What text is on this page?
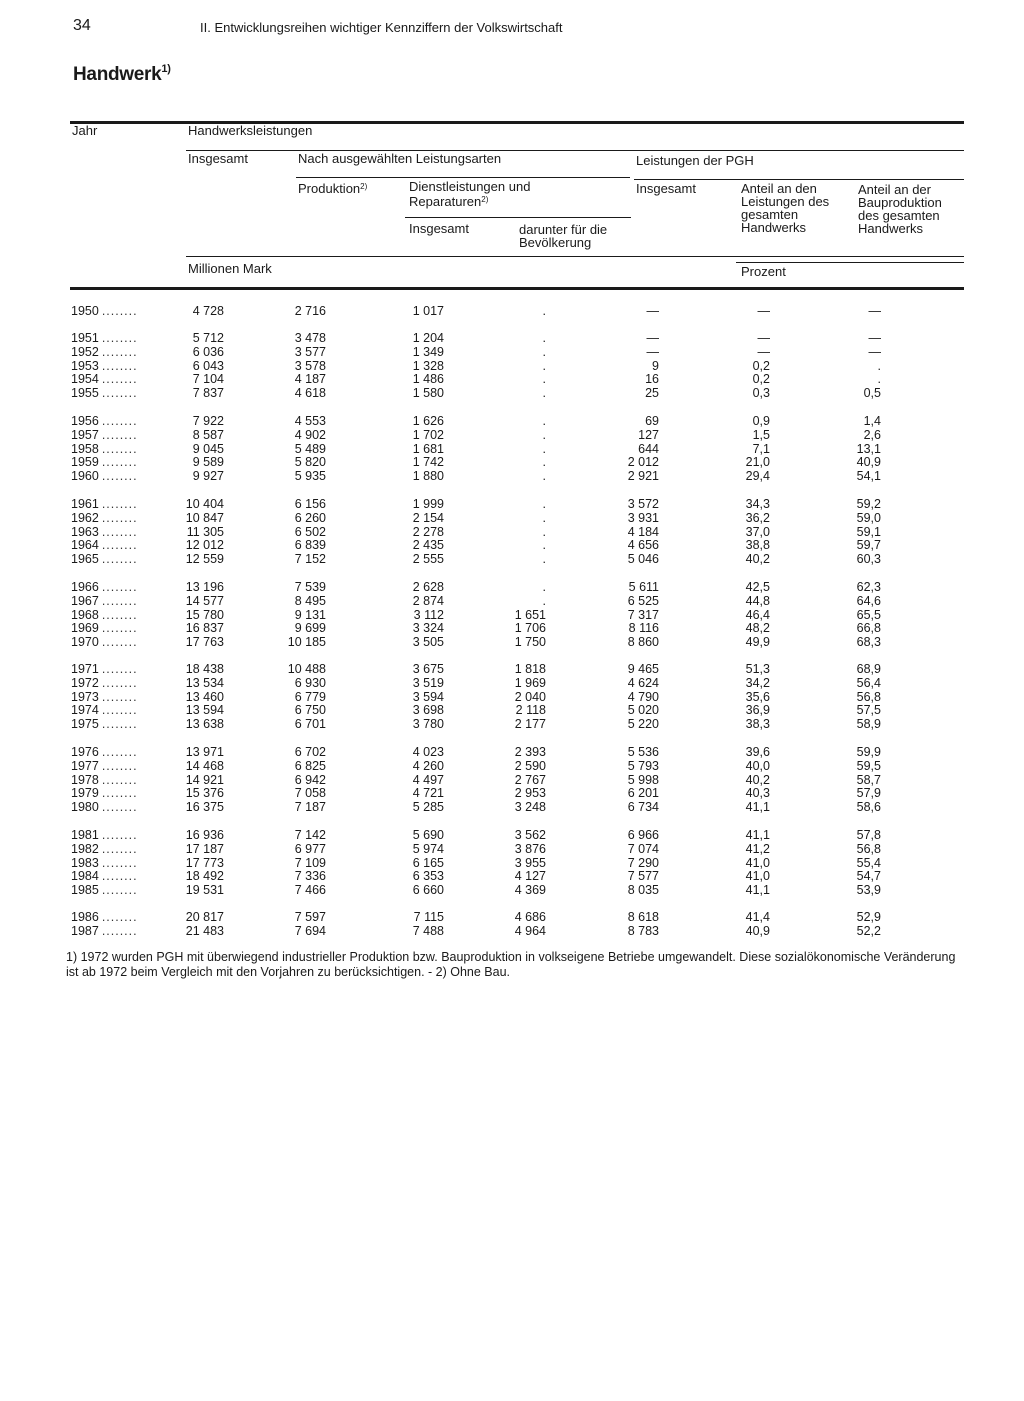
34	II. Entwicklungsreihen wichtiger Kennziffern der Volkswirtschaft
Handwerk$^{1)}$
Jahr	Handwerksleistungen
Insgesamt	Nach ausgewählten Leistungsarten	Leistungen der PGH
Produktion$^{2)}$	Dienstleistungen und
Reparaturen$^{2)}$
Insgesamt	Anteil an den
Leistungen des
gesamten
Handwerks
Anteil an der
Bauproduktion
des gesamten
Handwerks
Insgesamt	darunter für die
Bevölkerung
Millionen Mark	Prozent
1950 ........	4 728	2 716	1 017	.	—	—	—
1951 ........	5 712	3 478	1 204	.	—	—	—
1952 ........	6 036	3 577	1 349	.	—	—	—
1953 ........	6 043	3 578	1 328	.	9	0,2	.
1954 ........	7 104	4 187	1 486	.	16	0,2	.
1955 ........	7 837	4 618	1 580	.	25	0,3	0,5
1956 ........	7 922	4 553	1 626	.	69	0,9	1,4
1957 ........	8 587	4 902	1 702	.	127	1,5	2,6
1958 ........	9 045	5 489	1 681	.	644	7,1	13,1
1959 ........	9 589	5 820	1 742	.	2 012	21,0	40,9
1960 ........	9 927	5 935	1 880	.	2 921	29,4	54,1
1961 ........	10 404	6 156	1 999	.	3 572	34,3	59,2
1962 ........	10 847	6 260	2 154	.	3 931	36,2	59,0
1963 ........	11 305	6 502	2 278	.	4 184	37,0	59,1
1964 ........	12 012	6 839	2 435	.	4 656	38,8	59,7
1965 ........	12 559	7 152	2 555	.	5 046	40,2	60,3
1966 ........	13 196	7 539	2 628	.	5 611	42,5	62,3
1967 ........	14 577	8 495	2 874	.	6 525	44,8	64,6
1968 ........	15 780	9 131	3 112	1 651	7 317	46,4	65,5
1969 ........	16 837	9 699	3 324	1 706	8 116	48,2	66,8
1970 ........	17 763	10 185	3 505	1 750	8 860	49,9	68,3
1971 ........	18 438	10 488	3 675	1 818	9 465	51,3	68,9
1972 ........	13 534	6 930	3 519	1 969	4 624	34,2	56,4
1973 ........	13 460	6 779	3 594	2 040	4 790	35,6	56,8
1974 ........	13 594	6 750	3 698	2 118	5 020	36,9	57,5
1975 ........	13 638	6 701	3 780	2 177	5 220	38,3	58,9
1976 ........	13 971	6 702	4 023	2 393	5 536	39,6	59,9
1977 ........	14 468	6 825	4 260	2 590	5 793	40,0	59,5
1978 ........	14 921	6 942	4 497	2 767	5 998	40,2	58,7
1979 ........	15 376	7 058	4 721	2 953	6 201	40,3	57,9
1980 ........	16 375	7 187	5 285	3 248	6 734	41,1	58,6
1981 ........	16 936	7 142	5 690	3 562	6 966	41,1	57,8
1982 ........	17 187	6 977	5 974	3 876	7 074	41,2	56,8
1983 ........	17 773	7 109	6 165	3 955	7 290	41,0	55,4
1984 ........	18 492	7 336	6 353	4 127	7 577	41,0	54,7
1985 ........	19 531	7 466	6 660	4 369	8 035	41,1	53,9
1986 ........	20 817	7 597	7 115	4 686	8 618	41,4	52,9
1987 ........	21 483	7 694	7 488	4 964	8 783	40,9	52,2
1) 1972 wurden PGH mit überwiegend industrieller Produktion bzw. Bauproduktion in volkseigene Betriebe umgewandelt. Diese sozialökonomische Veränderung ist ab 1972 beim Vergleich mit den Vorjahren zu berücksichtigen. - 2) Ohne Bau.
